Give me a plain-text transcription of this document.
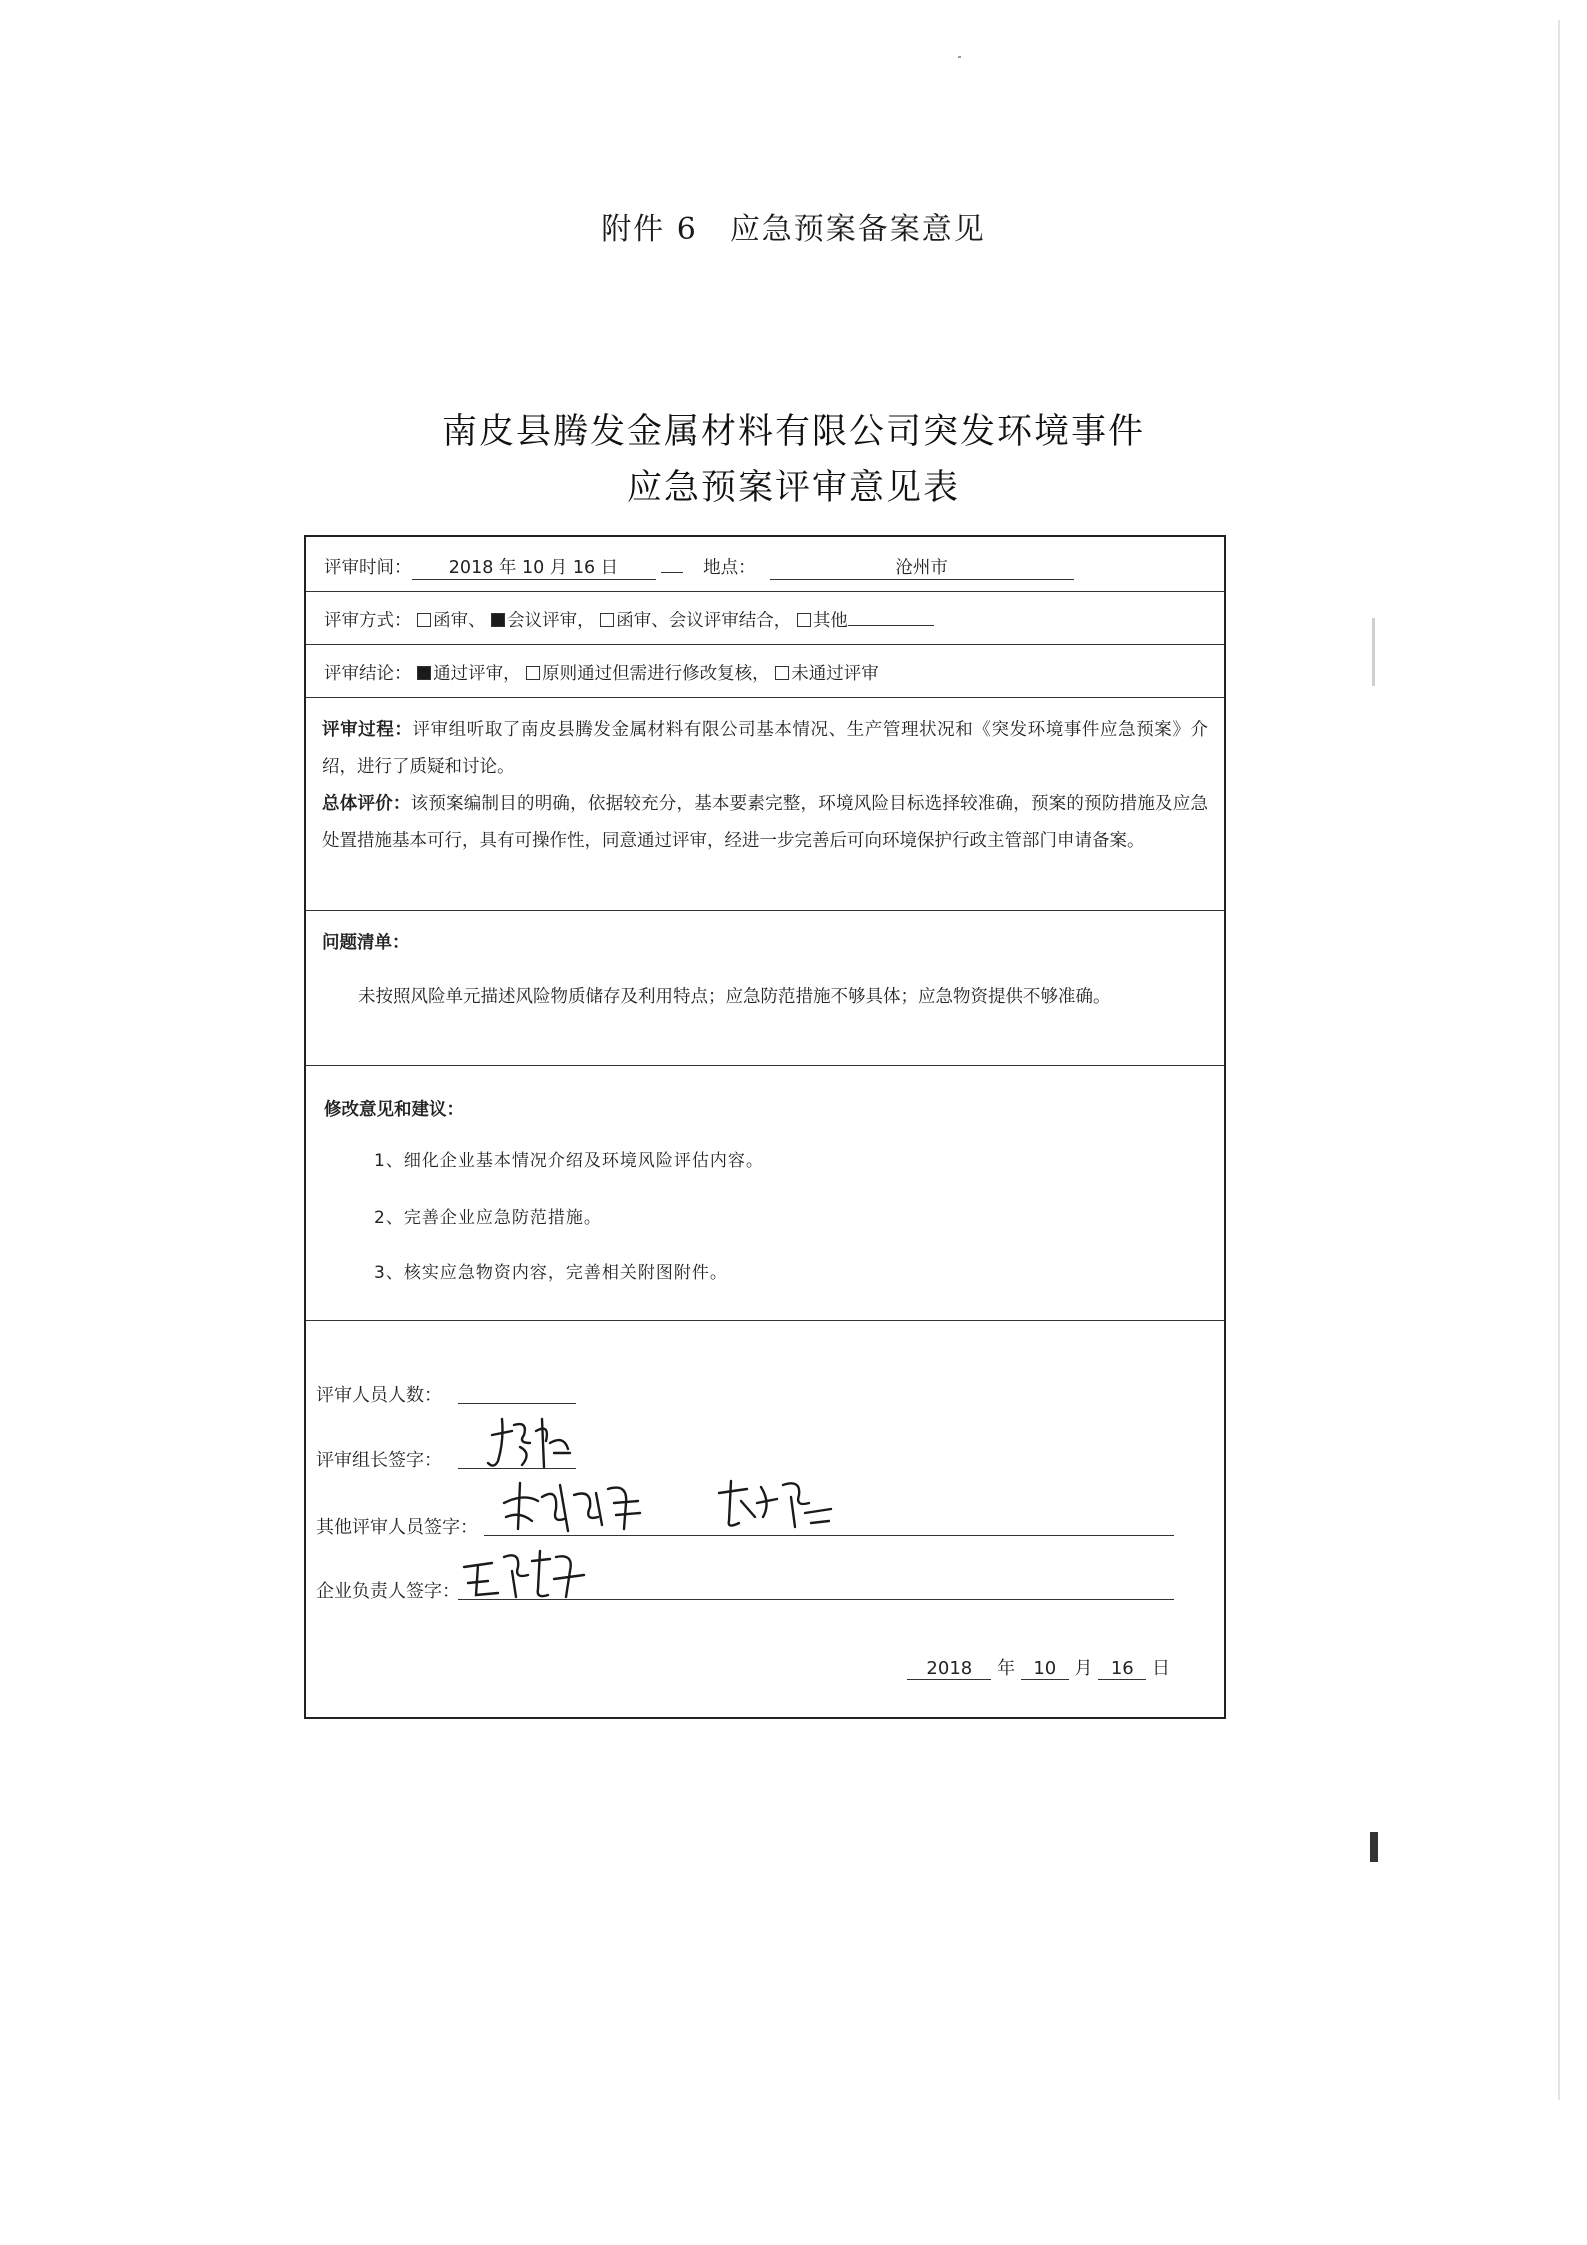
附件 6 应急预案备案意见
南皮县腾发金属材料有限公司突发环境事件
应急预案评审意见表
评审时间： 2018 年 10 月 16 日	地点：	沧州市
评审方式： 函审、 会议评审， 函审、会议评审结合， 其他
评审结论： 通过评审， 原则通过但需进行修改复核， 未通过评审
评审过程：评审组听取了南皮县腾发金属材料有限公司基本情况、生产管理状况和《突发环境事件应急预案》介绍，进行了质疑和讨论。
总体评价：该预案编制目的明确，依据较充分，基本要素完整，环境风险目标选择较准确，预案的预防措施及应急处置措施基本可行，具有可操作性，同意通过评审，经进一步完善后可向环境保护行政主管部门申请备案。
问题清单：
未按照风险单元描述风险物质储存及利用特点；应急防范措施不够具体；应急物资提供不够准确。
修改意见和建议：
1、细化企业基本情况介绍及环境风险评估内容。
2、完善企业应急防范措施。
3、核实应急物资内容，完善相关附图附件。
评审人员人数：
评审组长签字：
其他评审人员签字：
企业负责人签字：
2018 年 10 月 16 日
